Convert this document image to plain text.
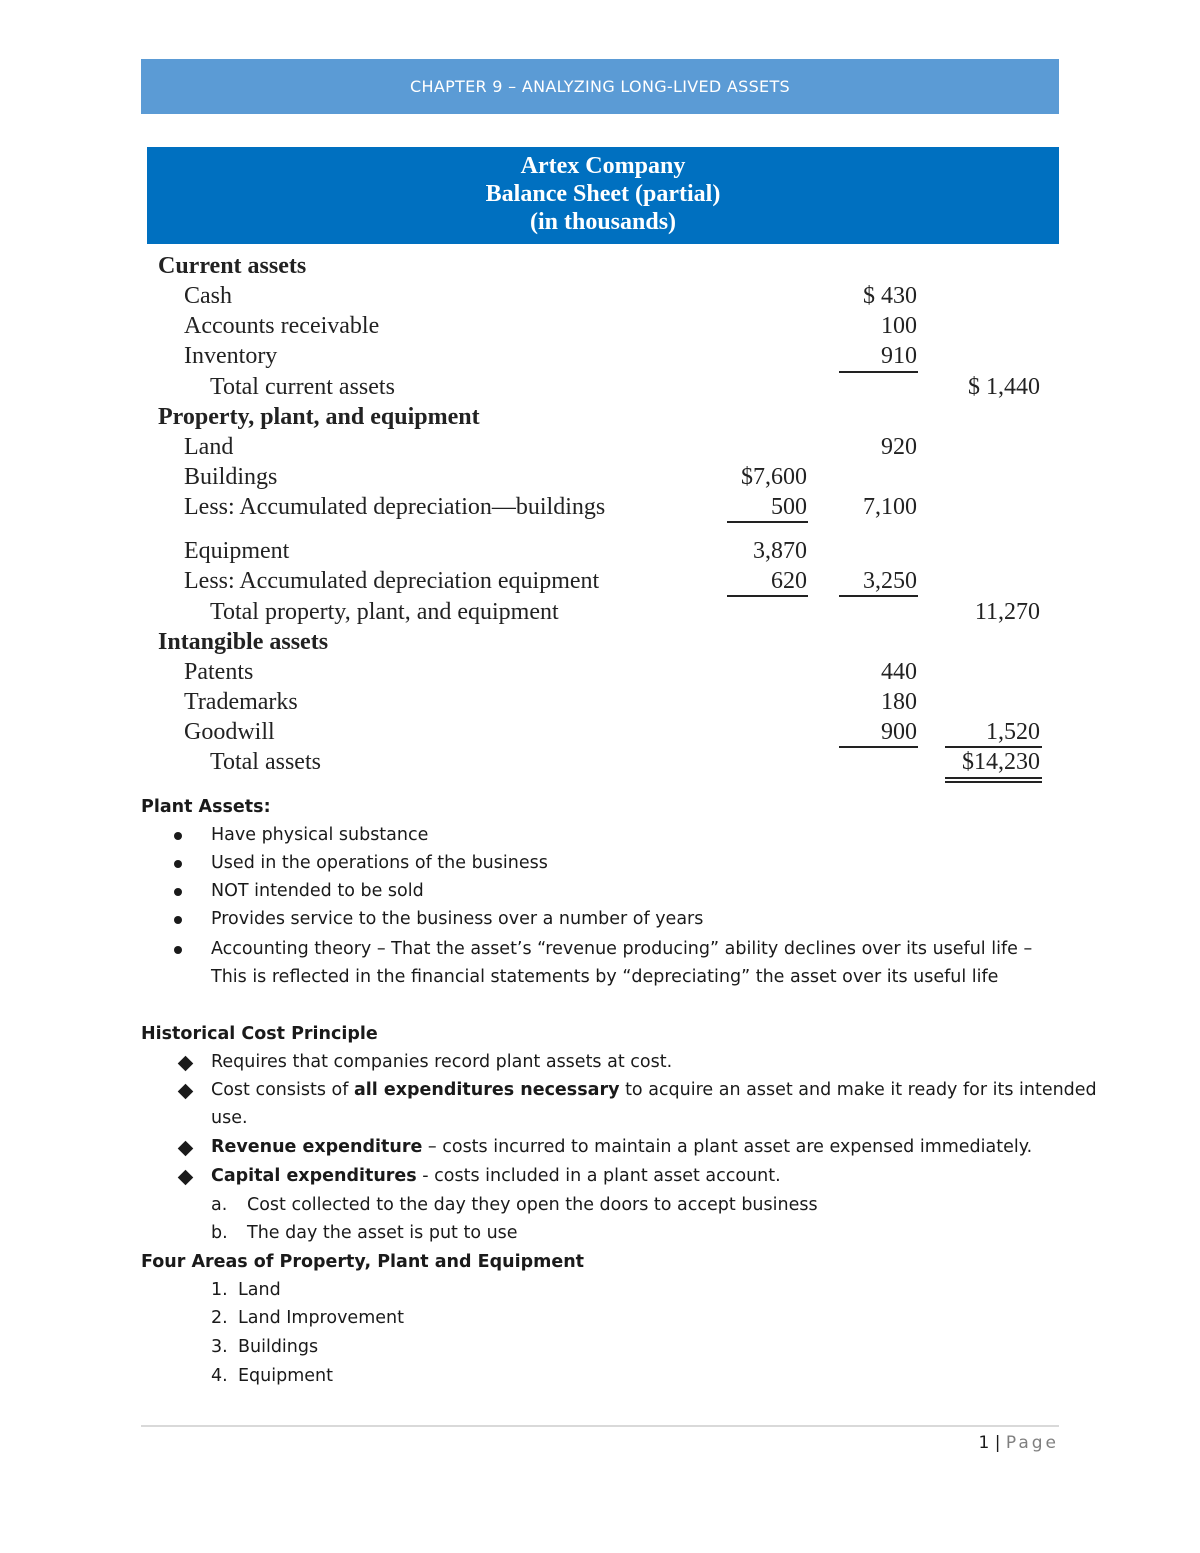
CHAPTER 9 – ANALYZING LONG-LIVED ASSETS
Artex Company
Balance Sheet (partial)
(in thousands)
Current assets
Cash	$ 430
Accounts receivable	100
Inventory	910
Total current assets	$ 1,440
Property, plant, and equipment
Land	920
Buildings	$7,600
Less: Accumulated depreciation—buildings	500	7,100
Equipment	3,870
Less: Accumulated depreciation equipment	620	3,250
Total property, plant, and equipment	11,270
Intangible assets
Patents	440
Trademarks	180
Goodwill	900	1,520
Total assets	$14,230
Plant Assets:
Have physical substance
Used in the operations of the business
NOT intended to be sold
Provides service to the business over a number of years
Accounting theory – That the asset’s “revenue producing” ability declines over its useful life –
This is reflected in the financial statements by “depreciating” the asset over its useful life
Historical Cost Principle
Requires that companies record plant assets at cost.
Cost consists of all expenditures necessary to acquire an asset and make it ready for its intended
use.
Revenue expenditure – costs incurred to maintain a plant asset are expensed immediately.
Capital expenditures - costs included in a plant asset account.
a. Cost collected to the day they open the doors to accept business
b. The day the asset is put to use
Four Areas of Property, Plant and Equipment
1. Land
2. Land Improvement
3. Buildings
4. Equipment
1 | Page
